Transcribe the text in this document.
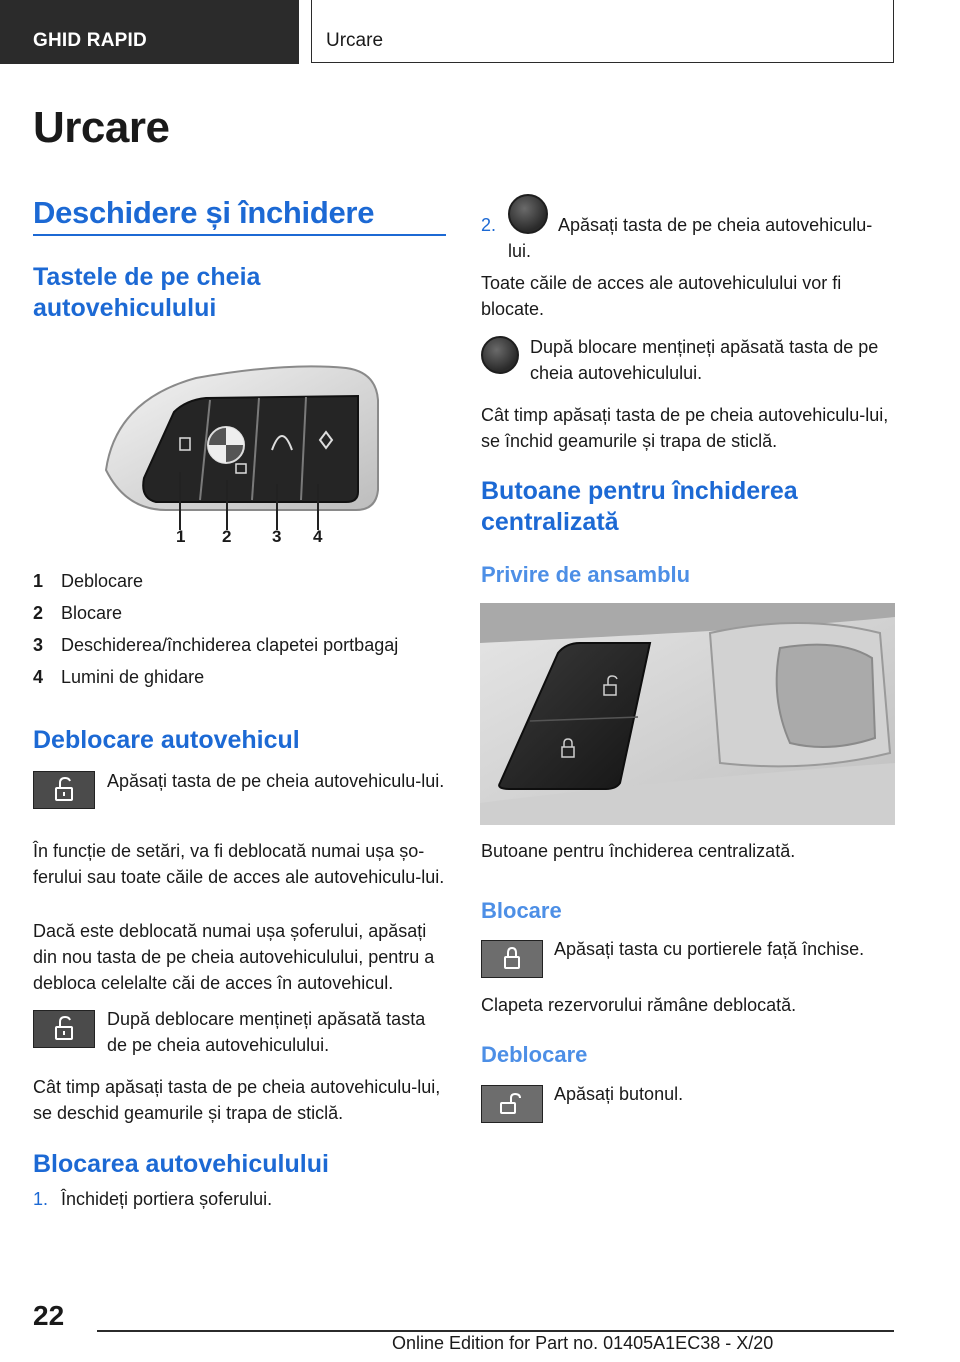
GHID RAPID	Urcare
Urcare
Deschidere și închidere
Tastele de pe cheia autovehiculului
1 2 3 4
1 Deblocare
2 Blocare
3 Deschiderea/închiderea clapetei portbagaj
4 Lumini de ghidare
Deblocare autovehicul
Apăsați tasta de pe cheia autovehiculu-lui.
În funcție de setări, va fi deblocată numai ușa șo-ferului sau toate căile de acces ale autovehiculu-lui.
Dacă este deblocată numai ușa șoferului, apăsați din nou tasta de pe cheia autovehiculului, pentru a debloca celelalte căi de acces în autovehicul.
După deblocare mențineți apăsată tasta de pe cheia autovehiculului.
Cât timp apăsați tasta de pe cheia autovehiculu-lui, se deschid geamurile și trapa de sticlă.
Blocarea autovehiculului
1. Închideți portiera șoferului.
2.	Apăsați tasta de pe cheia autovehiculu-
lui.
Toate căile de acces ale autovehiculului vor fi blocate.
După blocare mențineți apăsată tasta de pe cheia autovehiculului.
Cât timp apăsați tasta de pe cheia autovehiculu-lui, se închid geamurile și trapa de sticlă.
Butoane pentru închiderea centralizată
Privire de ansamblu
Butoane pentru închiderea centralizată.
Blocare
Apăsați tasta cu portierele față închise.
Clapeta rezervorului rămâne deblocată.
Deblocare
Apăsați butonul.
22
Online Edition for Part no. 01405A1EC38 - X/20
